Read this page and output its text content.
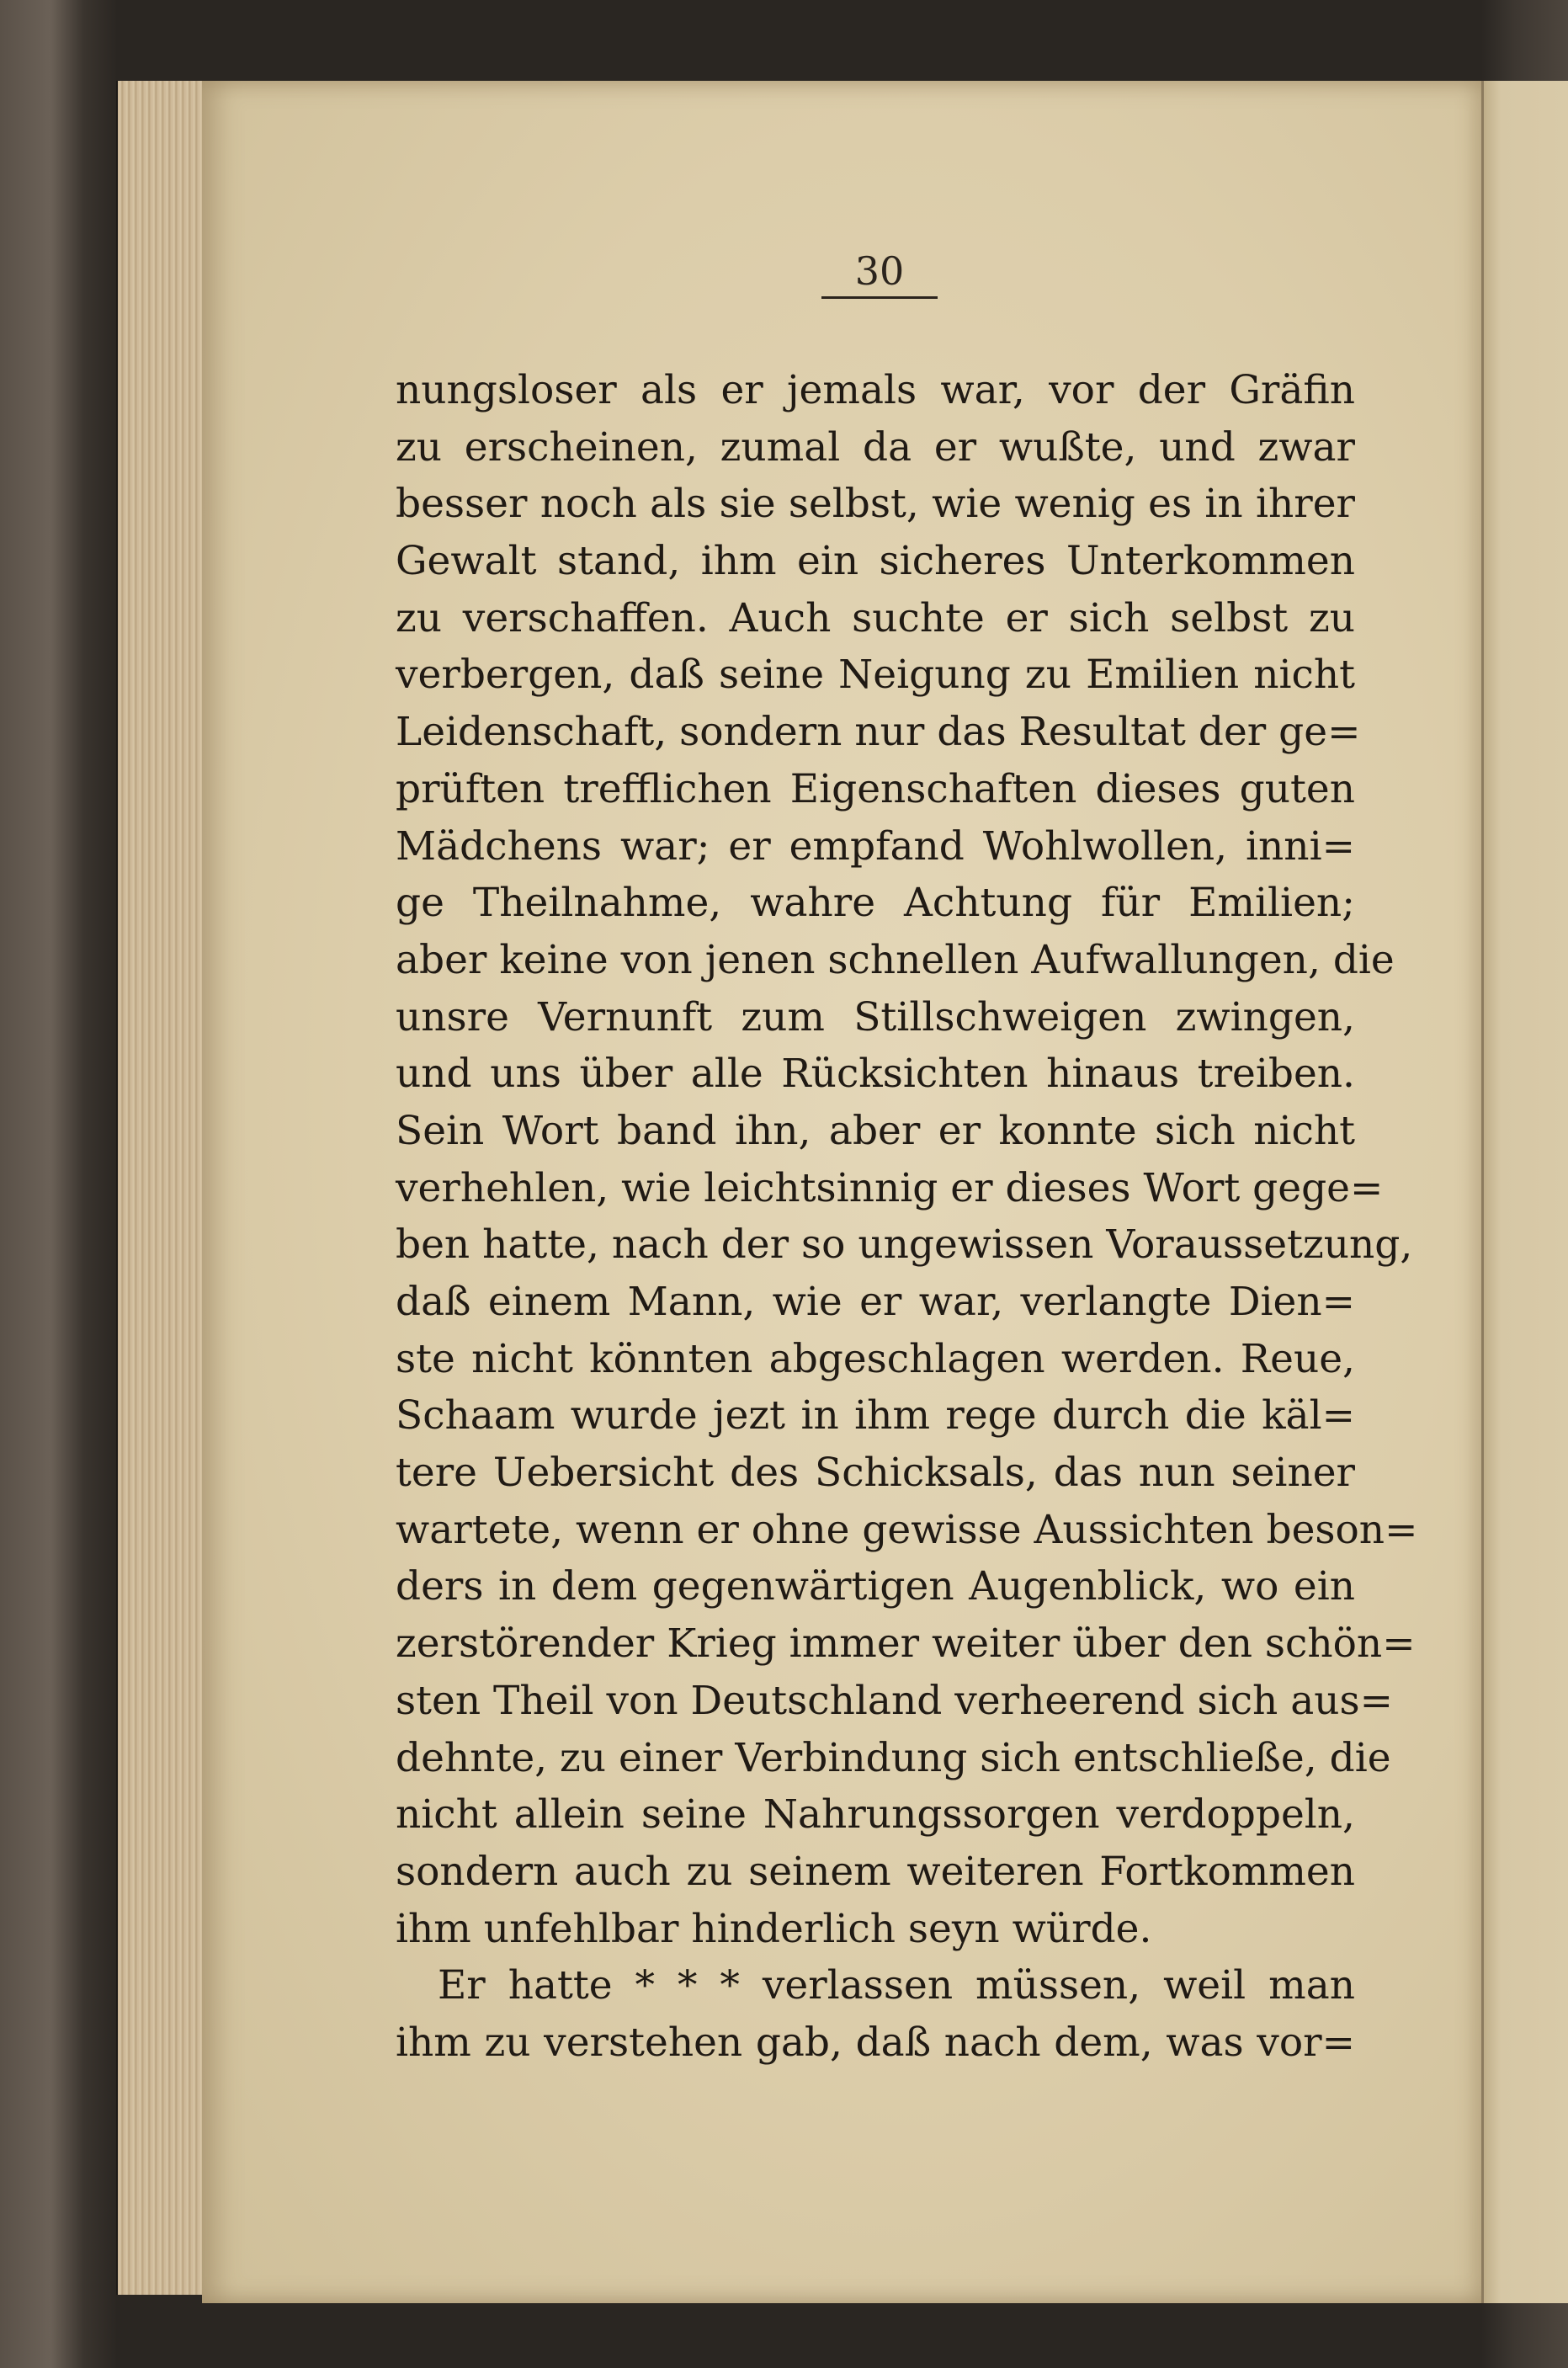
30
nungsloser als er jemals war, vor der Gräfin
zu erscheinen, zumal da er wußte, und zwar
besser noch als sie selbst, wie wenig es in ihrer
Gewalt stand, ihm ein sicheres Unterkommen
zu verschaffen. Auch suchte er sich selbst zu
verbergen, daß seine Neigung zu Emilien nicht
Leidenschaft, sondern nur das Resultat der ge=
prüften trefflichen Eigenschaften dieses guten
Mädchens war; er empfand Wohlwollen, inni=
ge Theilnahme, wahre Achtung für Emilien;
aber keine von jenen schnellen Aufwallungen, die
unsre Vernunft zum Stillschweigen zwingen,
und uns über alle Rücksichten hinaus treiben.
Sein Wort band ihn, aber er konnte sich nicht
verhehlen, wie leichtsinnig er dieses Wort gege=
ben hatte, nach der so ungewissen Voraussetzung,
daß einem Mann, wie er war, verlangte Dien=
ste nicht könnten abgeschlagen werden. Reue,
Schaam wurde jezt in ihm rege durch die käl=
tere Uebersicht des Schicksals, das nun seiner
wartete, wenn er ohne gewisse Aussichten beson=
ders in dem gegenwärtigen Augenblick, wo ein
zerstörender Krieg immer weiter über den schön=
sten Theil von Deutschland verheerend sich aus=
dehnte, zu einer Verbindung sich entschließe, die
nicht allein seine Nahrungssorgen verdoppeln,
sondern auch zu seinem weiteren Fortkommen
ihm unfehlbar hinderlich seyn würde.
Er hatte * * * verlassen müssen, weil man
ihm zu verstehen gab, daß nach dem, was vor=
